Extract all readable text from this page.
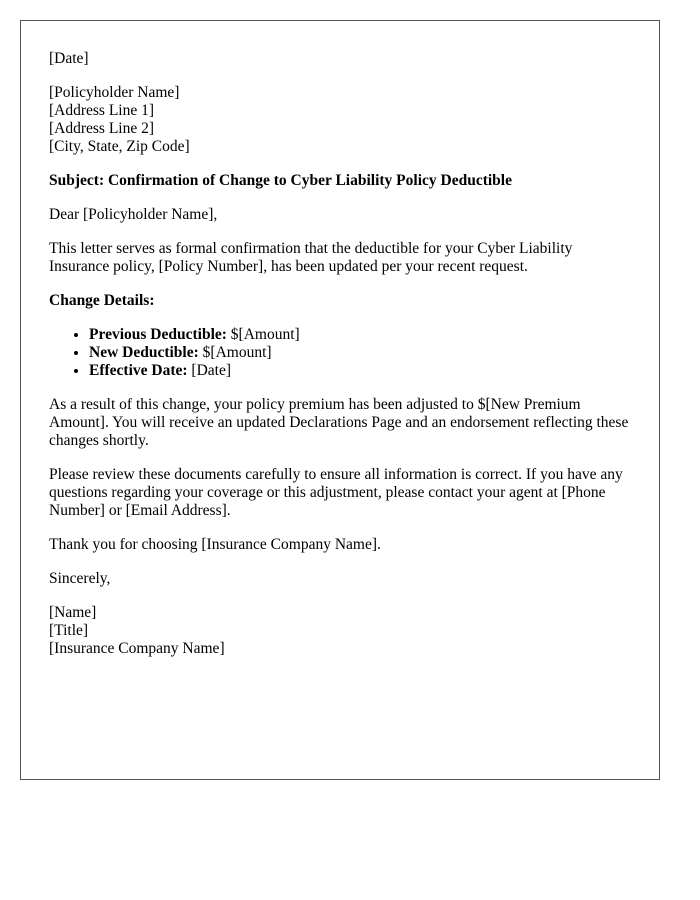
[Date]

[Policyholder Name]
[Address Line 1]
[Address Line 2]
[City, State, Zip Code]

Subject: Confirmation of Change to Cyber Liability Policy Deductible

Dear [Policyholder Name],

This letter serves as formal confirmation that the deductible for your Cyber Liability Insurance policy, [Policy Number], has been updated per your recent request.

Change Details:

• Previous Deductible: $[Amount]
• New Deductible: $[Amount]
• Effective Date: [Date]

As a result of this change, your policy premium has been adjusted to $[New Premium Amount]. You will receive an updated Declarations Page and an endorsement reflecting these changes shortly.

Please review these documents carefully to ensure all information is correct. If you have any questions regarding your coverage or this adjustment, please contact your agent at [Phone Number] or [Email Address].

Thank you for choosing [Insurance Company Name].

Sincerely,

[Name]
[Title]
[Insurance Company Name]
